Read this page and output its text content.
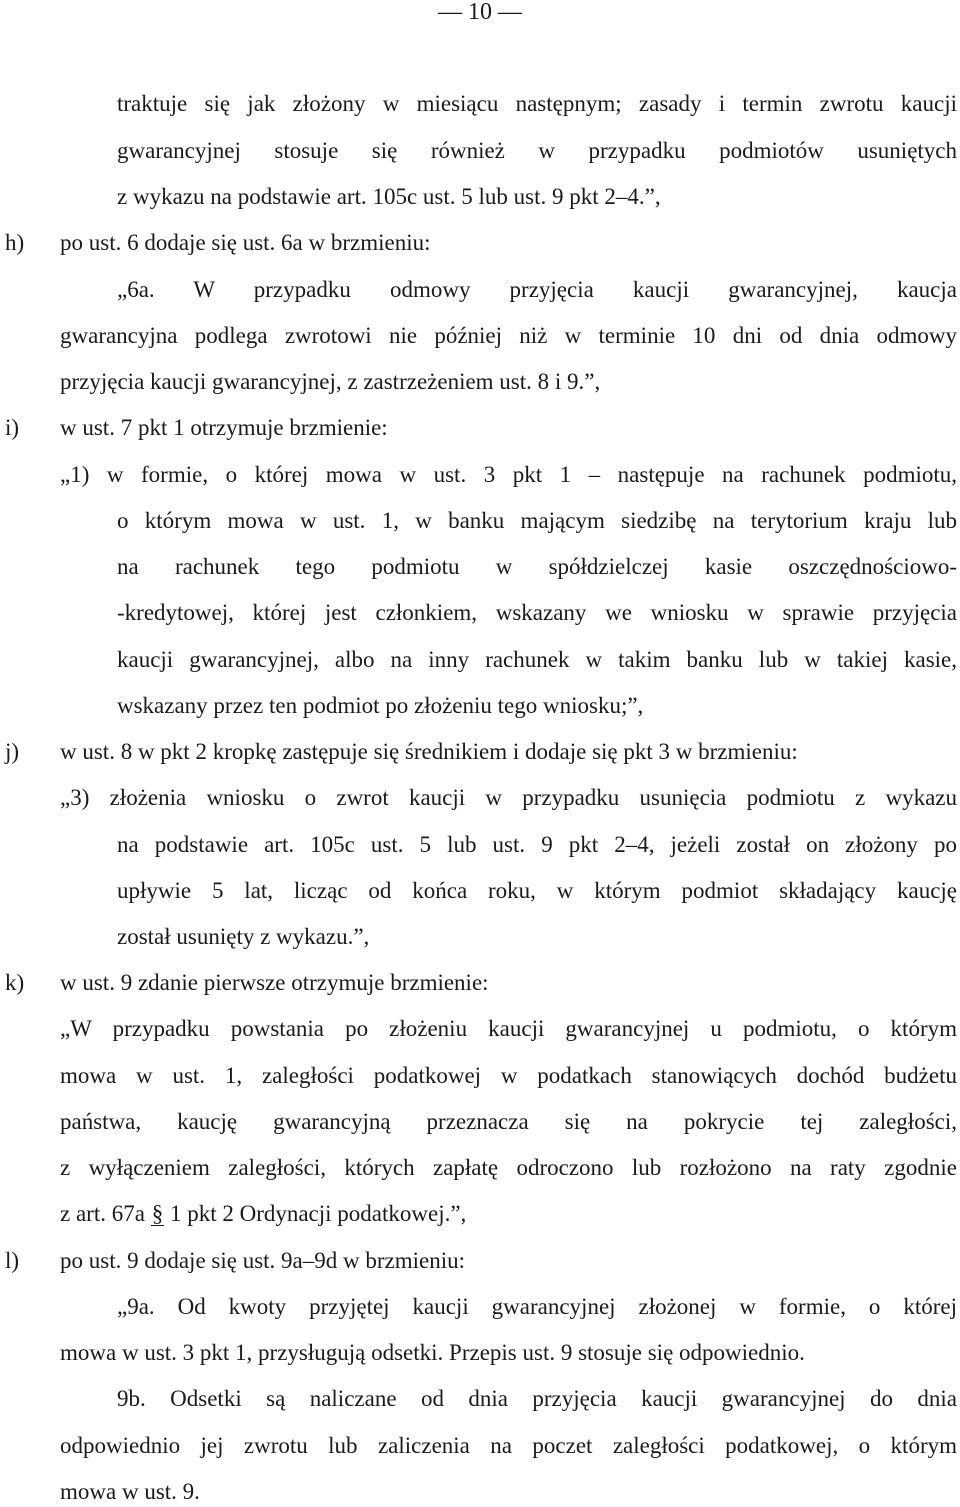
— 10 —
traktuje się jak złożony w miesiącu następnym; zasady i termin zwrotu kaucji
gwarancyjnej stosuje się również w przypadku podmiotów usuniętych
z wykazu na podstawie art. 105c ust. 5 lub ust. 9 pkt 2–4.”,
h) po ust. 6 dodaje się ust. 6a w brzmieniu:
„6a. W przypadku odmowy przyjęcia kaucji gwarancyjnej, kaucja
gwarancyjna podlega zwrotowi nie później niż w terminie 10 dni od dnia odmowy
przyjęcia kaucji gwarancyjnej, z zastrzeżeniem ust. 8 i 9.”,
i) w ust. 7 pkt 1 otrzymuje brzmienie:
„1) w formie, o której mowa w ust. 3 pkt 1 – następuje na rachunek podmiotu,
o którym mowa w ust. 1, w banku mającym siedzibę na terytorium kraju lub
na rachunek tego podmiotu w spółdzielczej kasie oszczędnościowo-
-kredytowej, której jest członkiem, wskazany we wniosku w sprawie przyjęcia
kaucji gwarancyjnej, albo na inny rachunek w takim banku lub w takiej kasie,
wskazany przez ten podmiot po złożeniu tego wniosku;”,
j) w ust. 8 w pkt 2 kropkę zastępuje się średnikiem i dodaje się pkt 3 w brzmieniu:
„3) złożenia wniosku o zwrot kaucji w przypadku usunięcia podmiotu z wykazu
na podstawie art. 105c ust. 5 lub ust. 9 pkt 2–4, jeżeli został on złożony po
upływie 5 lat, licząc od końca roku, w którym podmiot składający kaucję
został usunięty z wykazu.”,
k) w ust. 9 zdanie pierwsze otrzymuje brzmienie:
„W przypadku powstania po złożeniu kaucji gwarancyjnej u podmiotu, o którym
mowa w ust. 1, zaległości podatkowej w podatkach stanowiących dochód budżetu
państwa, kaucję gwarancyjną przeznacza się na pokrycie tej zaległości,
z wyłączeniem zaległości, których zapłatę odroczono lub rozłożono na raty zgodnie
z art. 67a § 1 pkt 2 Ordynacji podatkowej.”,
l) po ust. 9 dodaje się ust. 9a–9d w brzmieniu:
„9a. Od kwoty przyjętej kaucji gwarancyjnej złożonej w formie, o której
mowa w ust. 3 pkt 1, przysługują odsetki. Przepis ust. 9 stosuje się odpowiednio.
9b. Odsetki są naliczane od dnia przyjęcia kaucji gwarancyjnej do dnia
odpowiednio jej zwrotu lub zaliczenia na poczet zaległości podatkowej, o którym
mowa w ust. 9.
